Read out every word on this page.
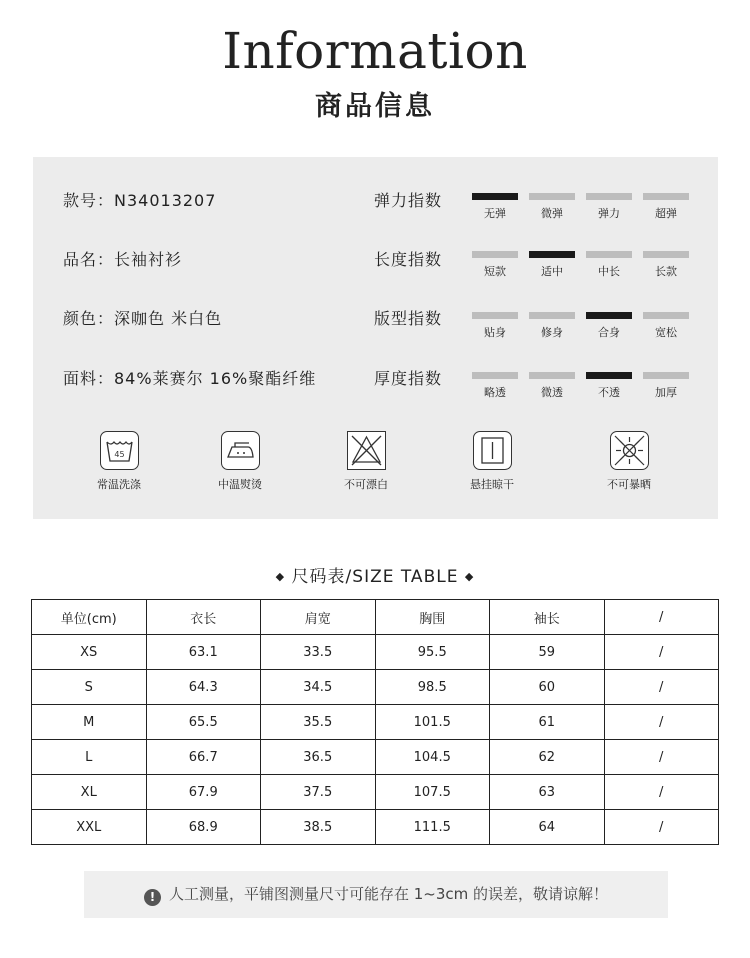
Information
商品信息
款号：N34013207
品名：长袖衬衫
颜色：深咖色 米白色
面料：84%莱赛尔 16%聚酯纤维
弹力指数
无弹	微弹	弹力	超弹
长度指数
短款	适中	中长	长款
版型指数
贴身	修身	合身	宽松
厚度指数
略透	微透	不透	加厚
45
常温洗涤	中温熨烫	不可漂白	悬挂晾干	不可暴晒
◆ 尺码表/SIZE TABLE ◆
单位(cm)	衣长	肩宽	胸围	袖长	/
XS	63.1	33.5	95.5	59	/
S	64.3	34.5	98.5	60	/
M	65.5	35.5	101.5	61	/
L	66.7	36.5	104.5	62	/
XL	67.9	37.5	107.5	63	/
XXL	68.9	38.5	111.5	64	/
! 人工测量，平铺图测量尺寸可能存在 1~3cm 的误差，敬请谅解！
